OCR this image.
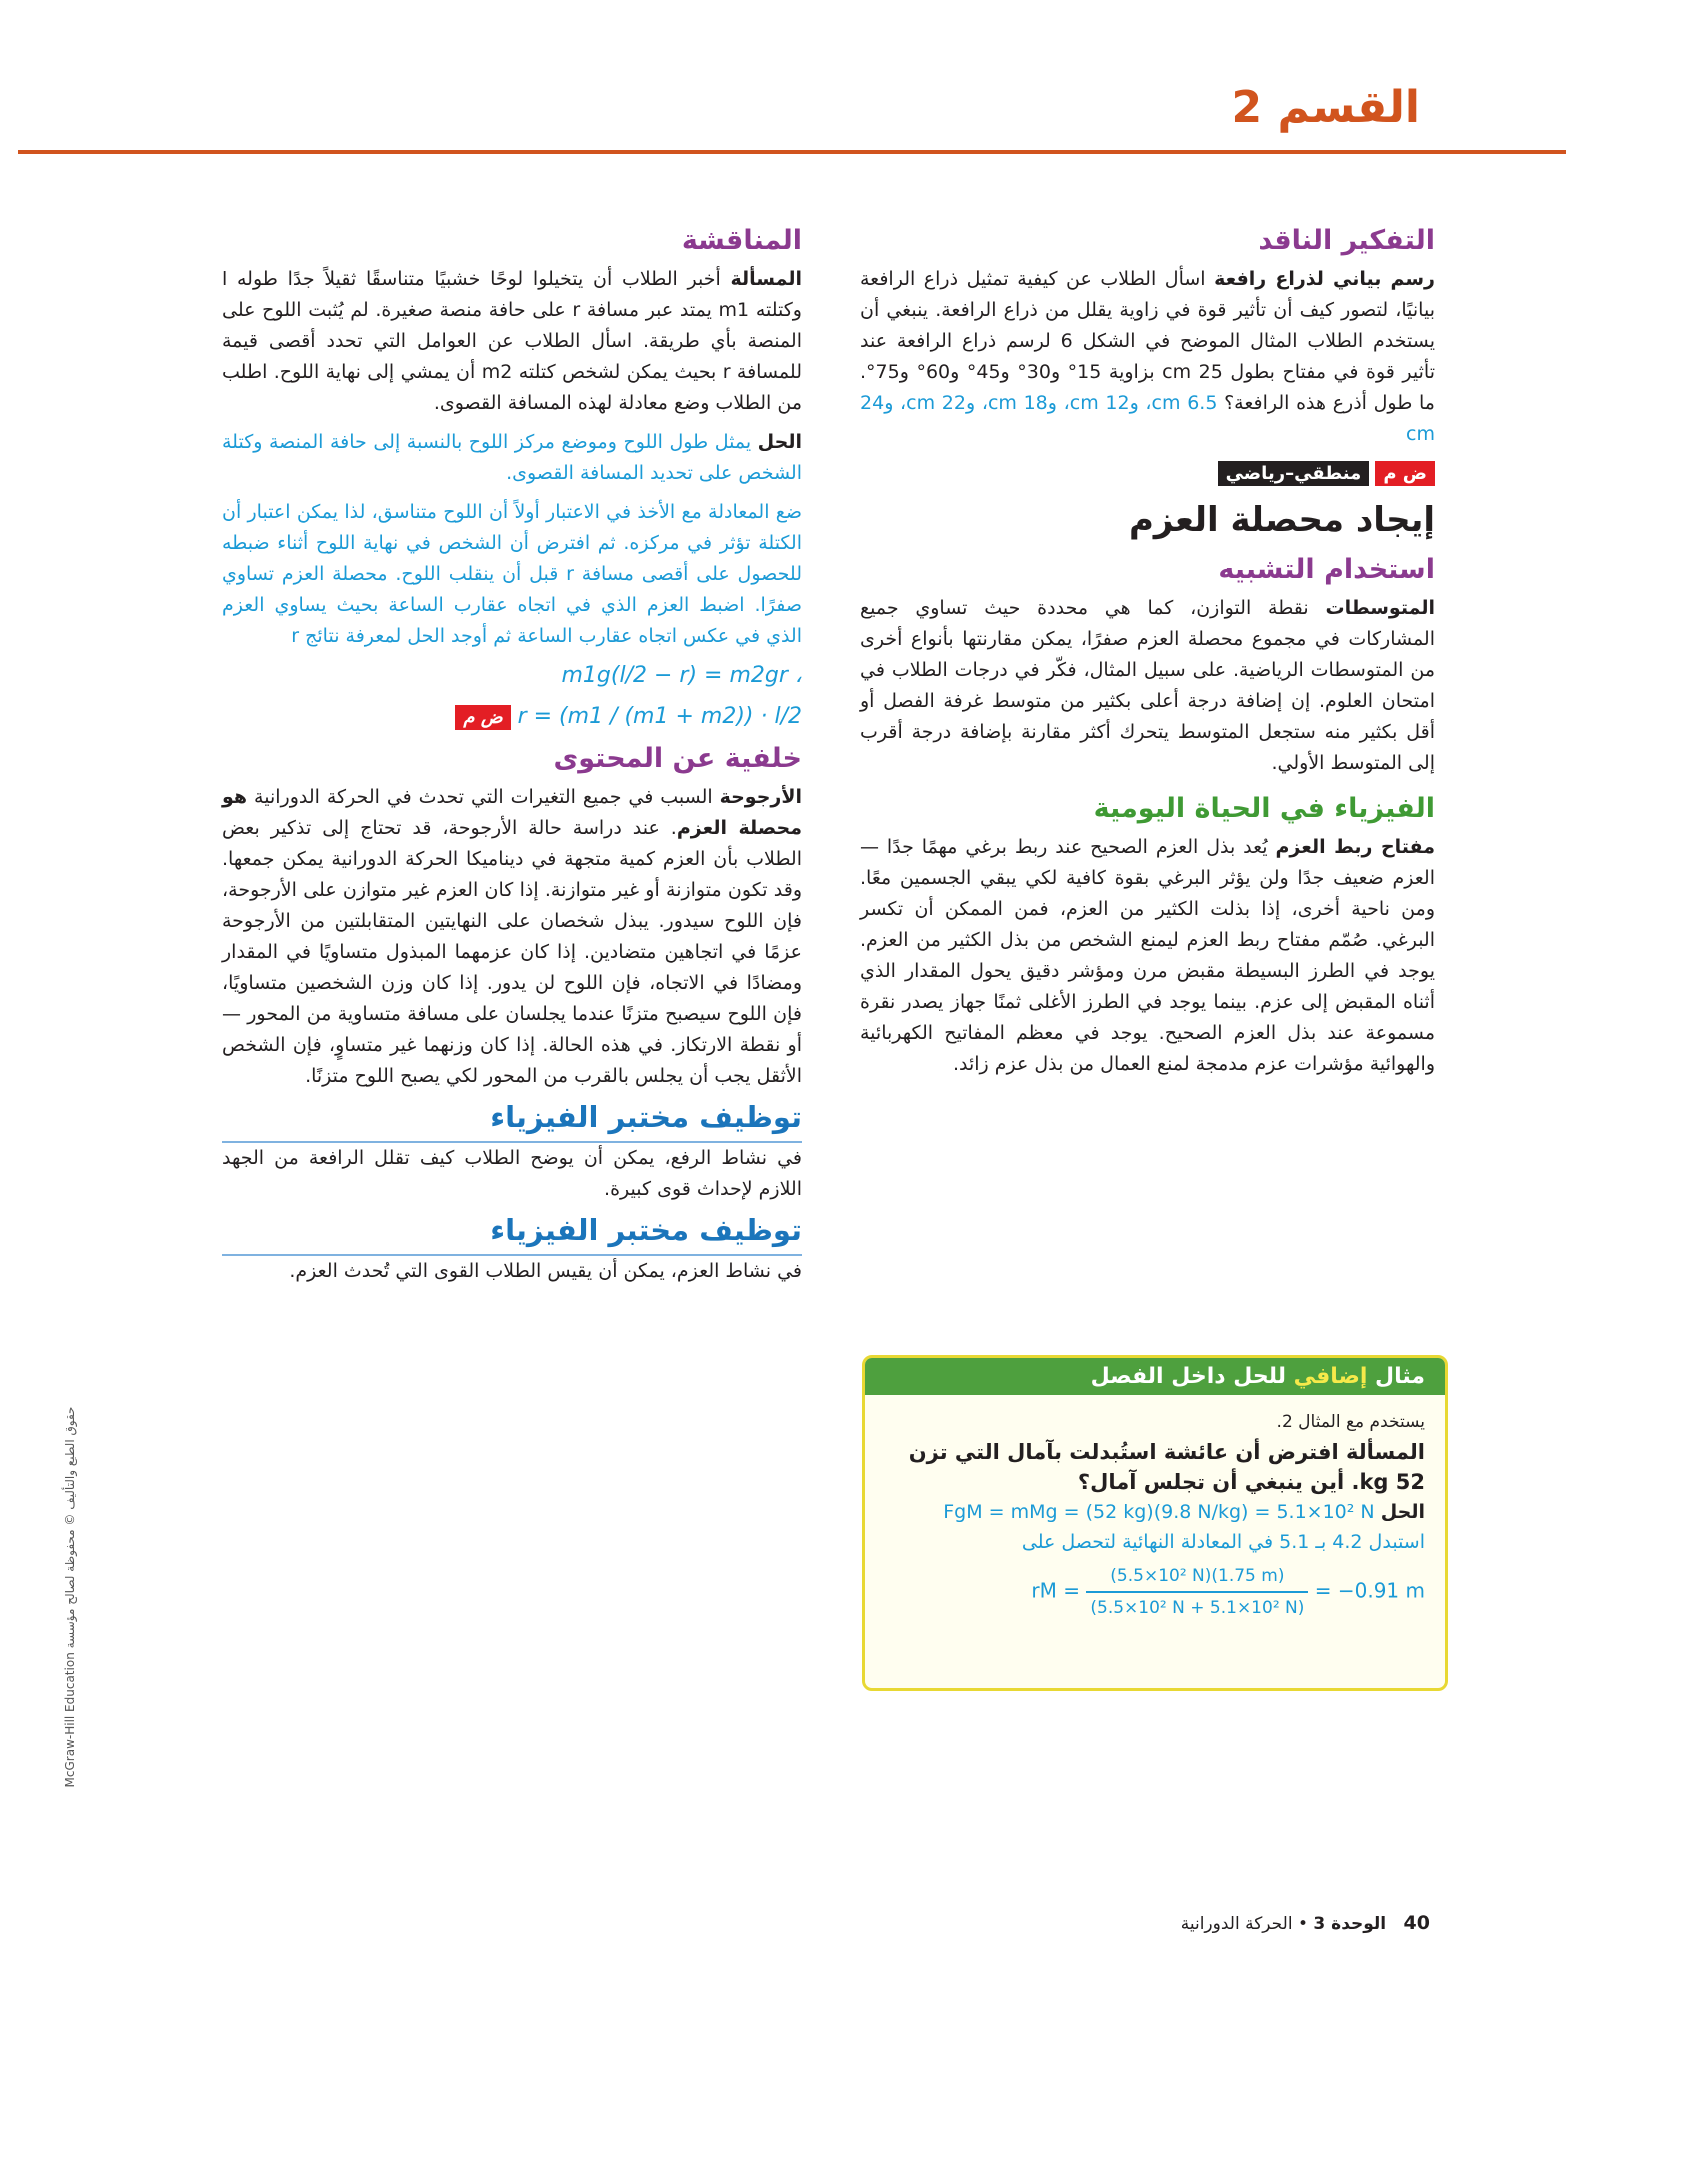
القسم 2
التفكير الناقد

رسم بياني لذراع رافعة اسأل الطلاب عن كيفية تمثيل ذراع الرافعة بيانيًا، لتصور كيف أن تأثير قوة في زاوية يقلل من ذراع الرافعة. ينبغي أن يستخدم الطلاب المثال الموضح في الشكل 6 لرسم ذراع الرافعة عند تأثير قوة في مفتاح بطول 25 cm بزاوية 15° و30° و45° و60° و75°. ما طول أذرع هذه الرافعة؟ 6.5 cm، و12 cm، و18 cm، و22 cm، و24 cm

ض م منطقي–رياضي
إيجاد محصلة العزم
استخدام التشبيه

المتوسطات نقطة التوازن، كما هي محددة حيث تساوي جميع المشاركات في مجموع محصلة العزم صفرًا، يمكن مقارنتها بأنواع أخرى من المتوسطات الرياضية. على سبيل المثال، فكّر في درجات الطلاب في امتحان العلوم. إن إضافة درجة أعلى بكثير من متوسط غرفة الفصل أو أقل بكثير منه ستجعل المتوسط يتحرك أكثر مقارنة بإضافة درجة أقرب إلى المتوسط الأولي.

الفيزياء في الحياة اليومية

مفتاح ربط العزم يُعد بذل العزم الصحيح عند ربط برغي مهمًا جدًا — العزم ضعيف جدًا ولن يؤثر البرغي بقوة كافية لكي يبقي الجسمين معًا. ومن ناحية أخرى، إذا بذلت الكثير من العزم، فمن الممكن أن تكسر البرغي. صُمّم مفتاح ربط العزم ليمنع الشخص من بذل الكثير من العزم. يوجد في الطرز البسيطة مقبض مرن ومؤشر دقيق يحول المقدار الذي أثناه المقبض إلى عزم. بينما يوجد في الطرز الأغلى ثمنًا جهاز يصدر نقرة مسموعة عند بذل العزم الصحيح. يوجد في معظم المفاتيح الكهربائية والهوائية مؤشرات عزم مدمجة لمنع العمال من بذل عزم زائد.

مثال إضافي للحل داخل الفصل
يستخدم مع المثال 2.
المسألة افترض أن عائشة استُبدلت بآمال التي تزن 52 kg. أين ينبغي أن تجلس آمال؟
الحل FgM = mMg = (52 kg)(9.8 N/kg) = 5.1×10² N استبدل 4.2 بـ 5.1 في المعادلة النهائية لتحصل على
rM = $\frac{\text{(5.5×10² N)(1.75 m)}}{\text{(5.5×10² N + 5.1×10² N)}} = -0.91$ m
المناقشة

المسألة أخبر الطلاب أن يتخيلوا لوحًا خشبيًا متناسقًا ثقيلاً جدًا طوله l وكتلته m1 يمتد عبر مسافة r على حافة منصة صغيرة. لم يُثبت اللوح على المنصة بأي طريقة. اسأل الطلاب عن العوامل التي تحدد أقصى قيمة للمسافة r بحيث يمكن لشخص كتلته m2 أن يمشي إلى نهاية اللوح. اطلب من الطلاب وضع معادلة لهذه المسافة القصوى.

الحل يمثل طول اللوح وموضع مركز اللوح بالنسبة إلى حافة المنصة وكتلة الشخص على تحديد المسافة القصوى.

ضع المعادلة مع الأخذ في الاعتبار أولاً أن اللوح متناسق، لذا يمكن اعتبار أن الكتلة تؤثر في مركزه. ثم افترض أن الشخص في نهاية اللوح أثناء ضبطه للحصول على أقصى مسافة r قبل أن ينقلب اللوح. محصلة العزم تساوي صفرًا. اضبط العزم الذي في اتجاه عقارب الساعة بحيث يساوي العزم الذي في عكس اتجاه عقارب الساعة ثم أوجد الحل لمعرفة نتائج r

m1g(l/2 − r) = m2gr ،
r = (m1 / (m1 + m2)) · l/2 ض م
خلفية عن المحتوى

الأرجوحة السبب في جميع التغيرات التي تحدث في الحركة الدورانية هو محصلة العزم. عند دراسة حالة الأرجوحة، قد تحتاج إلى تذكير بعض الطلاب بأن العزم كمية متجهة في ديناميكا الحركة الدورانية يمكن جمعها. وقد تكون متوازنة أو غير متوازنة. إذا كان العزم غير متوازن على الأرجوحة، فإن اللوح سيدور. يبذل شخصان على النهايتين المتقابلتين من الأرجوحة عزمًا في اتجاهين متضادين. إذا كان عزمهما المبذول متساويًا في المقدار ومضادًا في الاتجاه، فإن اللوح لن يدور. إذا كان وزن الشخصين متساويًا، فإن اللوح سيصبح متزنًا عندما يجلسان على مسافة متساوية من المحور — أو نقطة الارتكاز. في هذه الحالة. إذا كان وزنهما غير متساوٍ، فإن الشخص الأثقل يجب أن يجلس بالقرب من المحور لكي يصبح اللوح متزنًا.

توظيف مختبر الفيزياء

في نشاط الرفع، يمكن أن يوضح الطلاب كيف تقلل الرافعة من الجهد اللازم لإحداث قوى كبيرة.

توظيف مختبر الفيزياء

في نشاط العزم، يمكن أن يقيس الطلاب القوى التي تُحدث العزم.

40 الوحدة 3 • الحركة الدورانية
حقوق الطبع والتأليف © محفوظة لصالح مؤسسة McGraw-Hill Education
